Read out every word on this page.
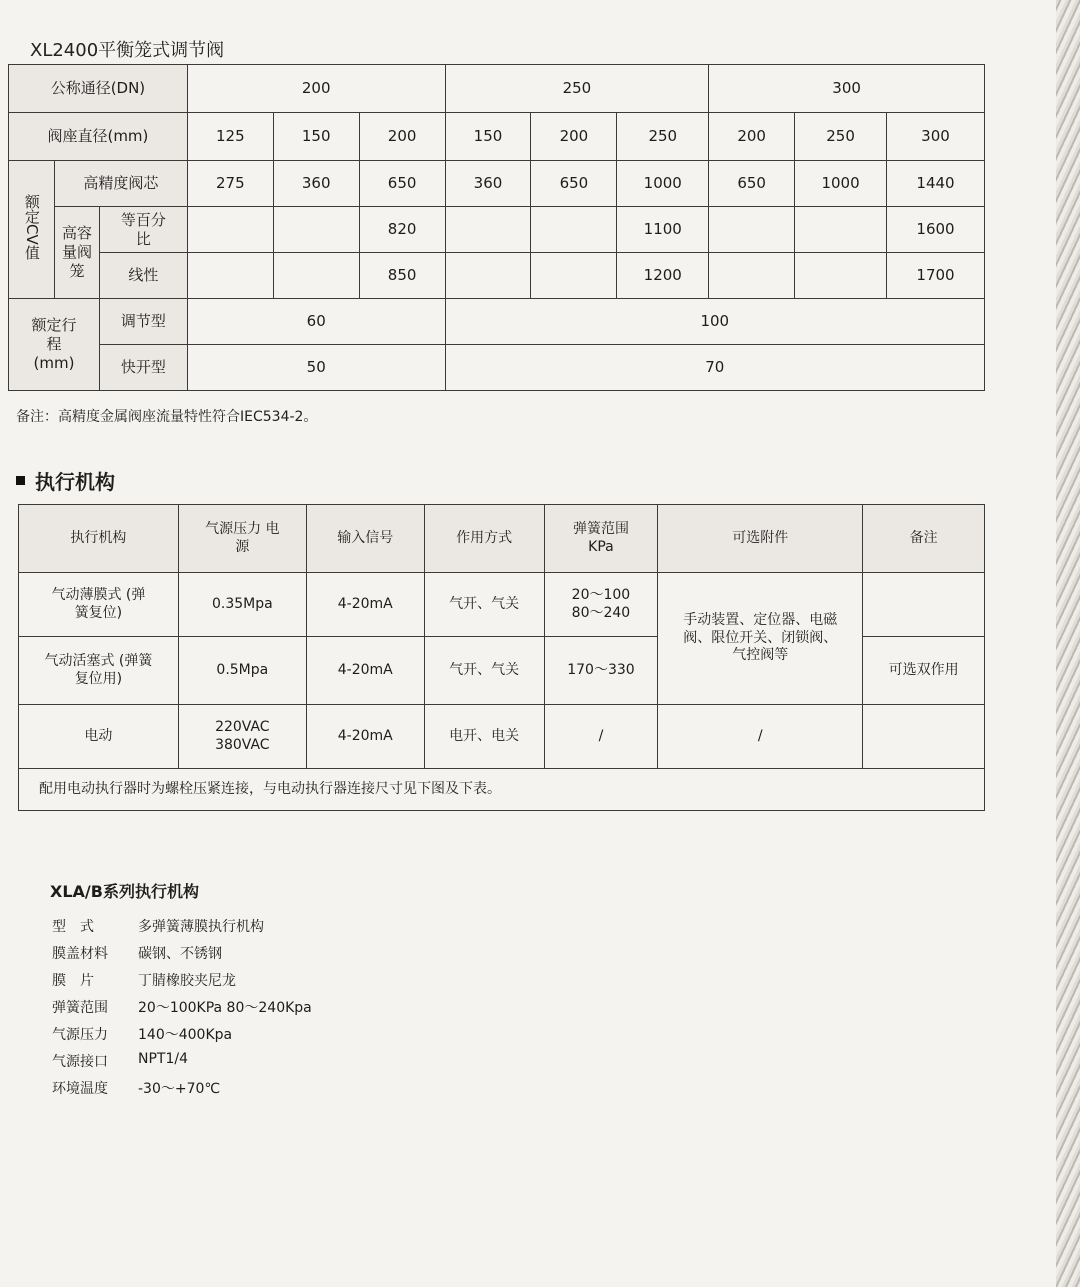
XL2400平衡笼式调节阀
公称通径(DN)			200			250			300		
阀座直径(mm)			125	150	200	150	200	250	200	250	300
额定CV值	高精度阀芯		275	360	650	360	650	1000	650	1000	1440
	高容量阀笼	等百分比			820			1100			1600
		线性			850			1200			1700
额定行程(mm)		调节型	60			100					
		快开型	50			70					
备注：高精度金属阀座流量特性符合IEC534-2。
执行机构
执行机构	气源压力 电　源	输入信号	作用方式	弹簧范围 KPa	可选附件	备注
气动薄膜式 (弹簧复位)	0.35Mpa	4-20mA	气开、气关	20～100 80～240	手动装置、定位器、电磁阀、限位开关、闭锁阀、气控阀等	
气动活塞式 (弹簧复位用)	0.5Mpa	4-20mA	气开、气关	170～330		可选双作用
电动	220VAC 380VAC	4-20mA	电开、电关	/	/	
配用电动执行器时为螺栓压紧连接，与电动执行器连接尺寸见下图及下表。						
XLA/B系列执行机构
型　式	多弹簧薄膜执行机构
膜盖材料	碳钢、不锈钢
膜　片	丁腈橡胶夹尼龙
弹簧范围	20～100KPa 80～240Kpa
气源压力	140～400Kpa
气源接口	NPT1/4
环境温度	-30～+70℃
